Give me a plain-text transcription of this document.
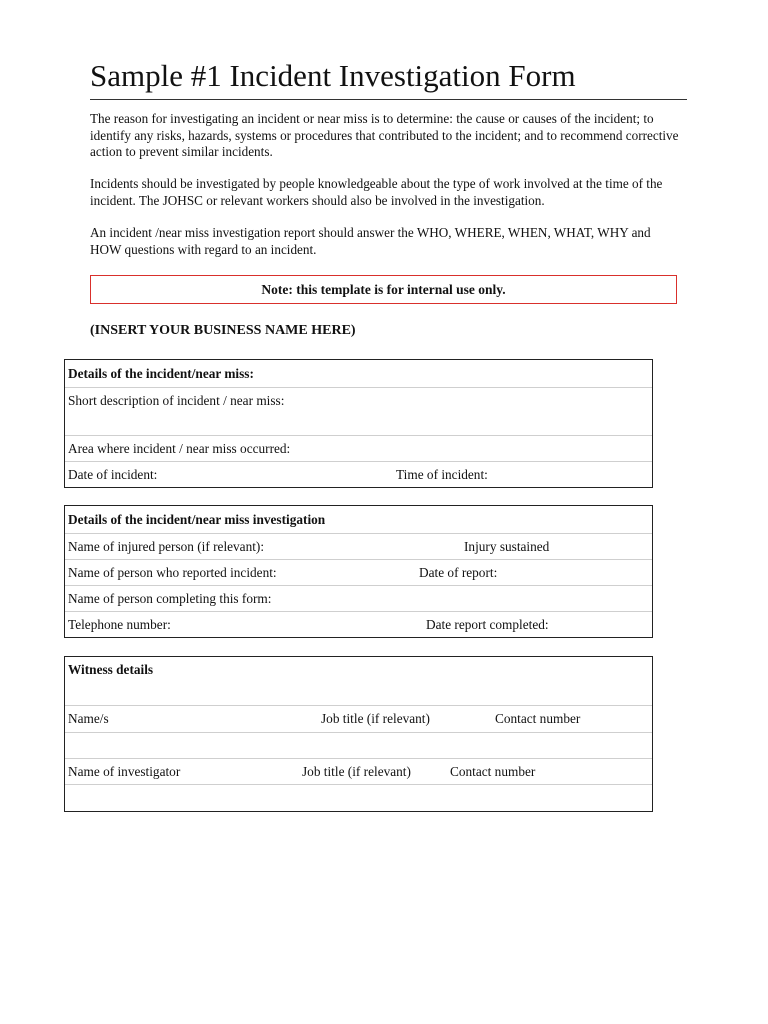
Sample #1 Incident Investigation Form

The reason for investigating an incident or near miss is to determine: the cause or causes of the incident; to identify any risks, hazards, systems or procedures that contributed to the incident; and to recommend corrective action to prevent similar incidents.

Incidents should be investigated by people knowledgeable about the type of work involved at the time of the incident. The JOHSC or relevant workers should also be involved in the investigation.

An incident /near miss investigation report should answer the WHO, WHERE, WHEN, WHAT, WHY and HOW questions with regard to an incident.

Note: this template is for internal use only.
(INSERT YOUR BUSINESS NAME HERE)
Details of the incident/near miss:
Short description of incident / near miss:
Area where incident / near miss occurred:
Date of incident:	Time of incident:
Details of the incident/near miss investigation
Name of injured person (if relevant):	Injury sustained
Name of person who reported incident:	Date of report:
Name of person completing this form:
Telephone number:	Date report completed:
Witness details
Name/s	Job title (if relevant)	Contact number
Name of investigator	Job title (if relevant)	Contact number
